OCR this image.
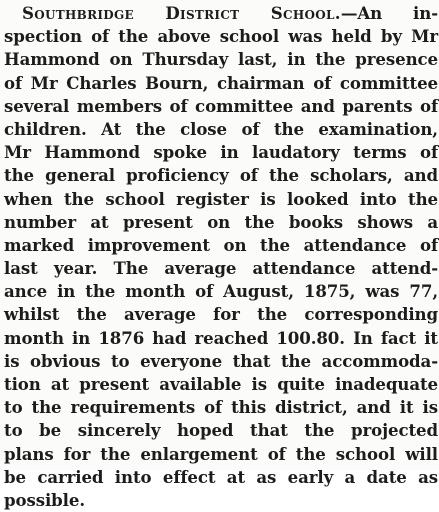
Southbridge District School.—An in-
spection of the above school was held by Mr
Hammond on Thursday last, in the presence
of Mr Charles Bourn, chairman of committee
several members of committee and parents of
children. At the close of the examination,
Mr Hammond spoke in laudatory terms of
the general proficiency of the scholars, and
when the school register is looked into the
number at present on the books shows a
marked improvement on the attendance of
last year. The average attendance attend-
ance in the month of August, 1875, was 77,
whilst the average for the corresponding
month in 1876 had reached 100.80. In fact it
is obvious to everyone that the accommoda-
tion at present available is quite inadequate
to the requirements of this district, and it is
to be sincerely hoped that the projected
plans for the enlargement of the school will
be carried into effect at as early a date as
possible.
